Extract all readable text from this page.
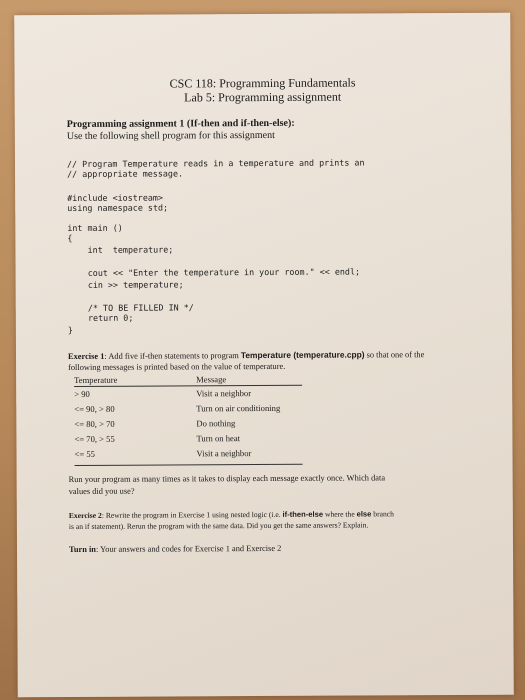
CSC 118: Programming Fundamentals
Lab 5: Programming assignment
Programming assignment 1 (If-then and if-then-else):
Use the following shell program for this assignment
// Program Temperature reads in a temperature and prints an
// appropriate message.
#include <iostream>
using namespace std;
int main ()
{
int  temperature;
cout << "Enter the temperature in your room." << endl;
cin >> temperature;
/* TO BE FILLED IN */
return 0;
}
Exercise 1: Add five if-then statements to program Temperature (temperature.cpp) so that one of the
following messages is printed based on the value of temperature.
Temperature	Message
> 90	Visit a neighbor
<= 90, > 80	Turn on air conditioning
<= 80, > 70	Do nothing
<= 70, > 55	Turn on heat
<= 55	Visit a neighbor
Run your program as many times as it takes to display each message exactly once. Which data
values did you use?
Exercise 2: Rewrite the program in Exercise 1 using nested logic (i.e. if-then-else where the else branch
is an if statement). Rerun the program with the same data. Did you get the same answers? Explain.
Turn in: Your answers and codes for Exercise 1 and Exercise 2
